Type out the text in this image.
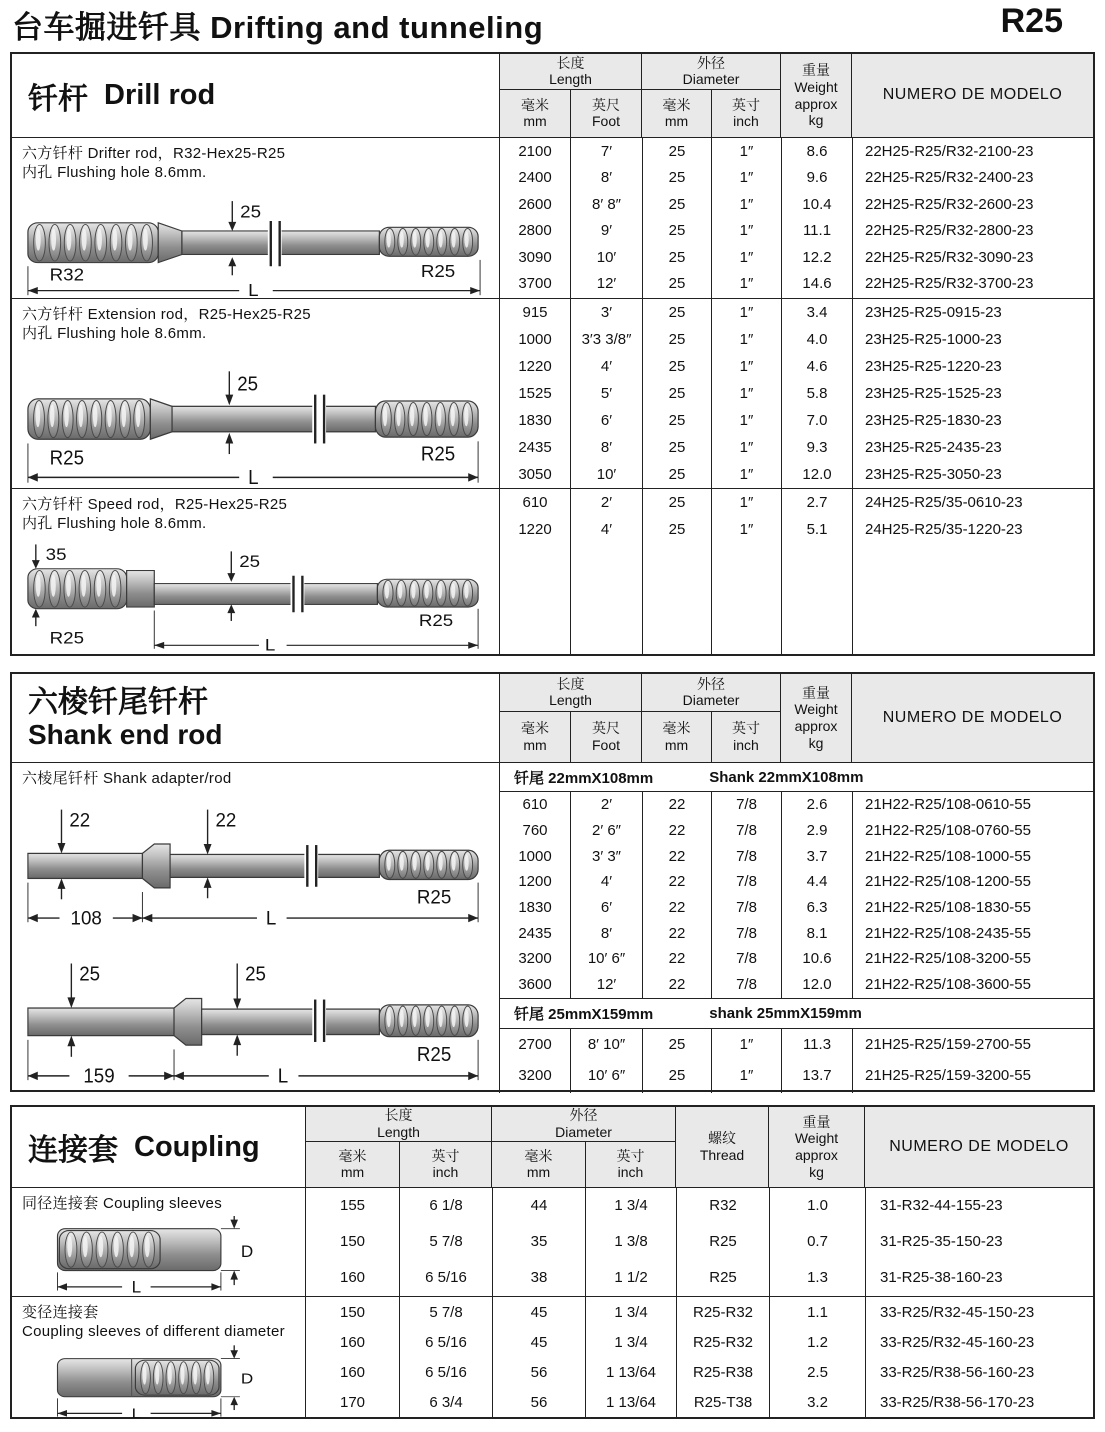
台车掘进钎具 Drifting and tunneling	R25
钎杆 Drill rod
长度
Length
毫米
mm
英尺
Foot
外径
Diameter
毫米
mm
英寸
inch
重量
Weight
approx
kg
NUMERO DE MODELO
六方钎杆 Drifter rod，R32-Hex25-R25
内孔 Flushing hole 8.6mm.
25
R32	R25
L
2100	7′	25	1″	8.6	22H25-R25/R32-2100-23
2400	8′	25	1″	9.6	22H25-R25/R32-2400-23
2600	8′ 8″	25	1″	10.4	22H25-R25/R32-2600-23
2800	9′	25	1″	11.1	22H25-R25/R32-2800-23
3090	10′	25	1″	12.2	22H25-R25/R32-3090-23
3700	12′	25	1″	14.6	22H25-R25/R32-3700-23
六方钎杆 Extension rod，R25-Hex25-R25
内孔 Flushing hole 8.6mm.
25
R25	R25
L
915	3′	25	1″	3.4	23H25-R25-0915-23
1000	3′3 3/8″	25	1″	4.0	23H25-R25-1000-23
1220	4′	25	1″	4.6	23H25-R25-1220-23
1525	5′	25	1″	5.8	23H25-R25-1525-23
1830	6′	25	1″	7.0	23H25-R25-1830-23
2435	8′	25	1″	9.3	23H25-R25-2435-23
3050	10′	25	1″	12.0	23H25-R25-3050-23
六方钎杆 Speed rod，R25-Hex25-R25
内孔 Flushing hole 8.6mm.
35
R25
25
R25
L
610	2′	25	1″	2.7	24H25-R25/35-0610-23
1220	4′	25	1″	5.1	24H25-R25/35-1220-23
六棱钎尾钎杆
Shank end rod
长度
Length
毫米
mm
英尺
Foot
外径
Diameter
毫米
mm
英寸
inch
重量
Weight
approx
kg
NUMERO DE MODELO
六棱尾钎杆 Shank adapter/rod
22	22
R25
108	L
25	25
R25
159	L
钎尾 22mmX108mm	Shank 22mmX108mm
610	2′	22	7/8	2.6	21H22-R25/108-0610-55
760	2′ 6″	22	7/8	2.9	21H22-R25/108-0760-55
1000	3′ 3″	22	7/8	3.7	21H22-R25/108-1000-55
1200	4′	22	7/8	4.4	21H22-R25/108-1200-55
1830	6′	22	7/8	6.3	21H22-R25/108-1830-55
2435	8′	22	7/8	8.1	21H22-R25/108-2435-55
3200	10′ 6″	22	7/8	10.6	21H22-R25/108-3200-55
3600	12′	22	7/8	12.0	21H22-R25/108-3600-55
钎尾 25mmX159mm	shank 25mmX159mm
2700	8′ 10″	25	1″	11.3	21H25-R25/159-2700-55
3200	10′ 6″	25	1″	13.7	21H25-R25/159-3200-55
连接套 Coupling
长度
Length
毫米
mm
英寸
inch
外径
Diameter
毫米
mm
英寸
inch
螺纹
Thread
重量
Weight
approx
kg
NUMERO DE MODELO
同径连接套 Coupling sleeves
D
L
155	6 1/8	44	1 3/4	R32	1.0	31-R32-44-155-23
150	5 7/8	35	1 3/8	R25	0.7	31-R25-35-150-23
160	6 5/16	38	1 1/2	R25	1.3	31-R25-38-160-23
变径连接套
Coupling sleeves of different diameter
D
L
150	5 7/8	45	1 3/4	R25-R32	1.1	33-R25/R32-45-150-23
160	6 5/16	45	1 3/4	R25-R32	1.2	33-R25/R32-45-160-23
160	6 5/16	56	1 13/64	R25-R38	2.5	33-R25/R38-56-160-23
170	6 3/4	56	1 13/64	R25-T38	3.2	33-R25/R38-56-170-23
